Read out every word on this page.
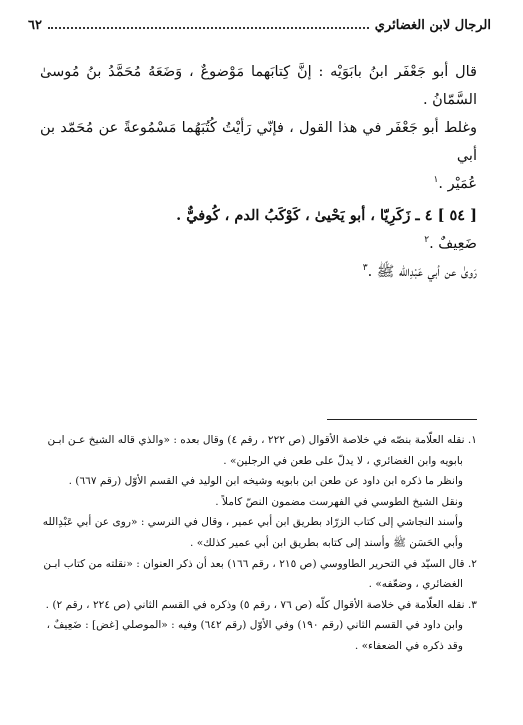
الرجال لابن الغضائري
٦٢

قال أبو جَعْفَر ابنُ بابَوَيْه : إنَّ كِتابَهما مَوْضوعٌ ، وَضَعَهُ مُحَمَّدُ بنُ مُوسىٰ السَّمّانُ .

وغلط أبو جَعْفَر في هذا القول ، فإنّي رَأيْتُ كُتُبَهُما مَسْمُوعةً عن مُحَمّد بن أبي

عُمَيْر .$^١$

[ ٥٤ ] ٤ ـ زَكَرِيّا ، أبو يَحْيىٰ ، كَوْكَبُ الدم ، كُوفيٌّ .

ضَعِيفٌ .$^٢$

رَوىٰ عن أبي عَبْدِالله ﷺ .$^٣$

١. نقله العلّامة بنصّه في خلاصة الأقوال (ص ٢٢٢ ، رقم ٤) وقال بعده : «والذي قاله الشيخ عـن ابـن

بابويه وابن الغضائري ، لا يدلّ على طعن في الرجلين» .

وانظر ما ذكره ابن داود عن طعن ابن بابويه وشيخه ابن الوليد في القسم الأوّل (رقم ٦٦٧) .

ونقل الشيخ الطوسي في الفهرست مضمون النصّ كاملاً .

وأسند النجاشي إلى كتاب الزرّاد بطريق ابن أبي عمير ، وقال في النرسي : «روى عن أبي عَبْدِالله

وأبي الحَسَن ﷺ وأسند إلى كتابه بطريق ابن أبي عمير كذلك» .

٢. قال السيّد في التحرير الطاووسي (ص ٢١٥ ، رقم ١٦٦) بعد أن ذكر العنوان : «نقلته من كتاب ابـن

الغضائري ، وضعّفه» .

٣. نقله العلّامة في خلاصة الأقوال كلّه (ص ٧٦ ، رقم ٥) وذكره في القسم الثاني (ص ٢٢٤ ، رقم ٢) .

وابن داود في القسم الثاني (رقم ١٩٠) وفي الأوّل (رقم ٦٤٢) وفيه : «الموصلي [غض] : ضَعِيفٌ ،

وقد ذكره في الضعفاء» .
